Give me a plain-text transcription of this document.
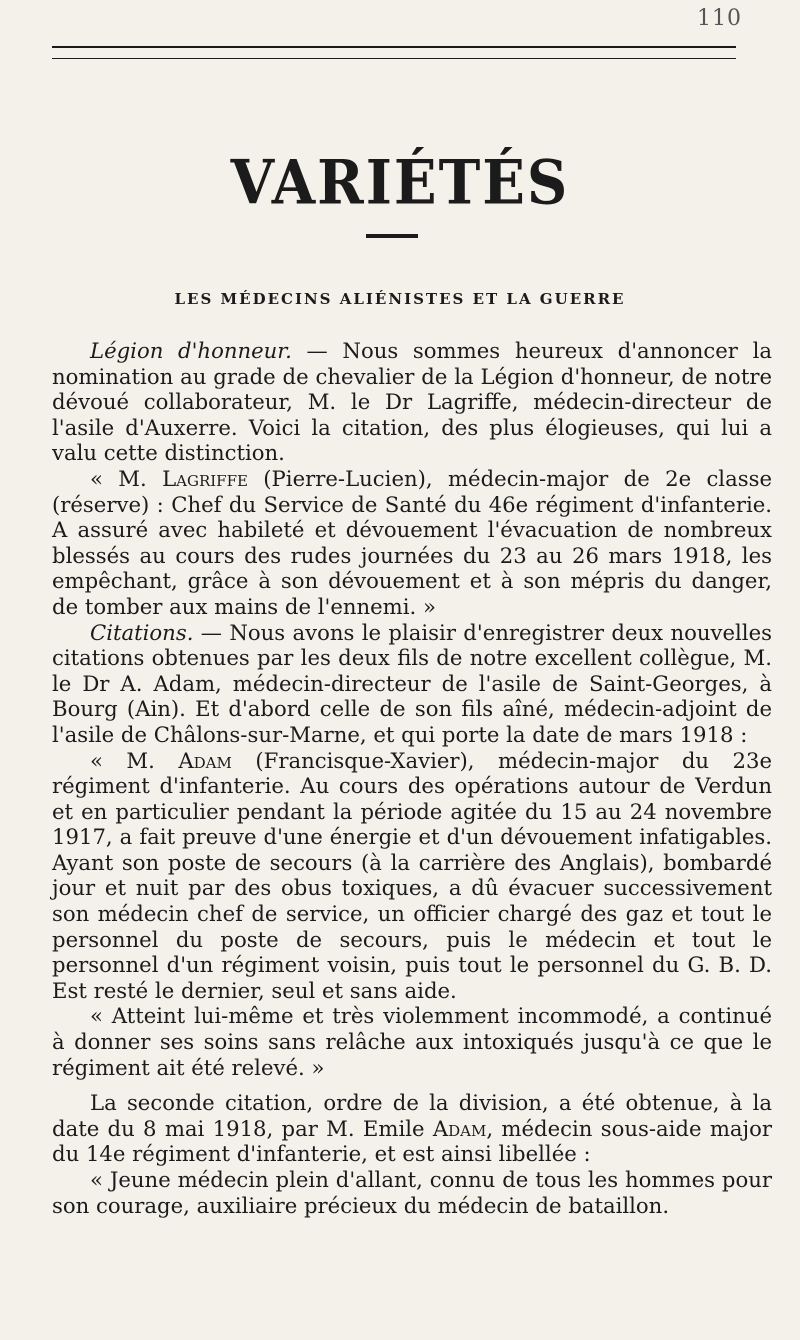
110
VARIÉTÉS
LES MÉDECINS ALIÉNISTES ET LA GUERRE

Légion d'honneur. — Nous sommes heureux d'annoncer la nomination au grade de chevalier de la Légion d'honneur, de notre dévoué collaborateur, M. le Dr Lagriffe, médecin-directeur de l'asile d'Auxerre. Voici la citation, des plus élogieuses, qui lui a valu cette distinction.

« M. Lagriffe (Pierre-Lucien), médecin-major de 2e classe (réserve) : Chef du Service de Santé du 46e régiment d'infanterie. A assuré avec habileté et dévouement l'évacuation de nombreux blessés au cours des rudes journées du 23 au 26 mars 1918, les empêchant, grâce à son dévouement et à son mépris du danger, de tomber aux mains de l'ennemi. »

Citations. — Nous avons le plaisir d'enregistrer deux nouvelles citations obtenues par les deux fils de notre excellent collègue, M. le Dr A. Adam, médecin-directeur de l'asile de Saint-Georges, à Bourg (Ain). Et d'abord celle de son fils aîné, médecin-adjoint de l'asile de Châlons-sur-Marne, et qui porte la date de mars 1918 :

« M. Adam (Francisque-Xavier), médecin-major du 23e régiment d'infanterie. Au cours des opérations autour de Verdun et en particulier pendant la période agitée du 15 au 24 novembre 1917, a fait preuve d'une énergie et d'un dévouement infatigables. Ayant son poste de secours (à la carrière des Anglais), bombardé jour et nuit par des obus toxiques, a dû évacuer successivement son médecin chef de service, un officier chargé des gaz et tout le personnel du poste de secours, puis le médecin et tout le personnel d'un régiment voisin, puis tout le personnel du G. B. D. Est resté le dernier, seul et sans aide.

« Atteint lui-même et très violemment incommodé, a continué à donner ses soins sans relâche aux intoxiqués jusqu'à ce que le régiment ait été relevé. »

La seconde citation, ordre de la division, a été obtenue, à la date du 8 mai 1918, par M. Emile Adam, médecin sous-aide major du 14e régiment d'infanterie, et est ainsi libellée :

« Jeune médecin plein d'allant, connu de tous les hommes pour son courage, auxiliaire précieux du médecin de bataillon.
